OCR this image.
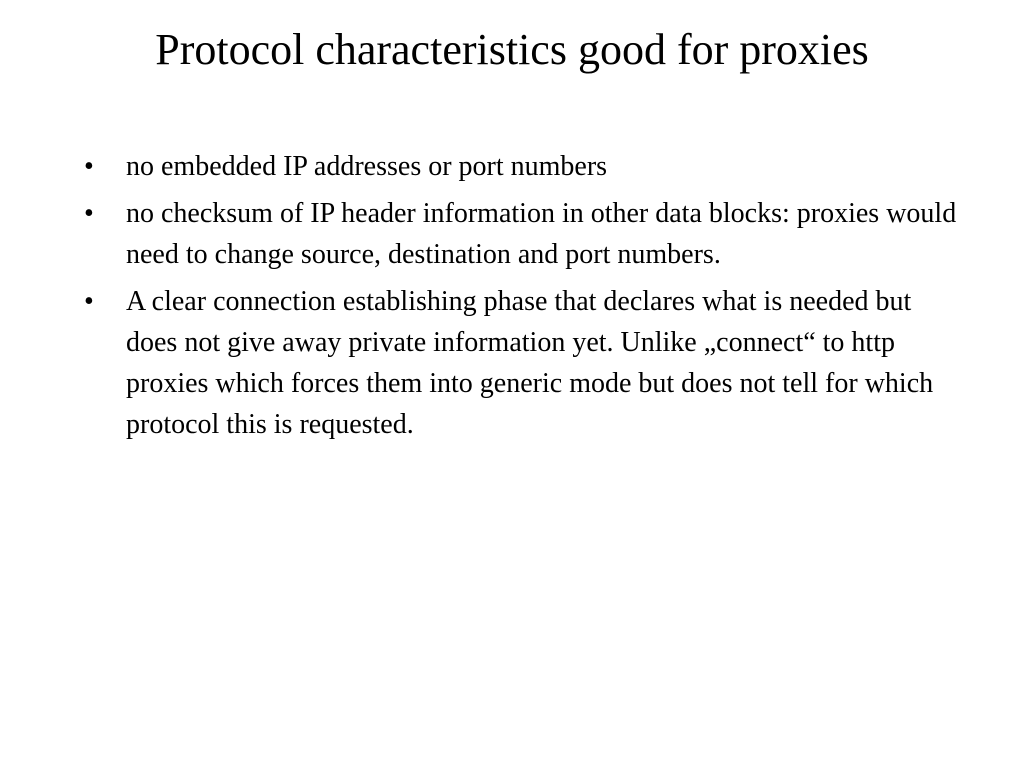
Protocol characteristics good for proxies
•	no embedded IP addresses or port numbers
•	no checksum of IP header information in other data blocks: proxies would need to change source, destination and port numbers.
•	A clear connection establishing phase that declares what is needed but does not give away private information yet. Unlike „connect“ to http proxies which forces them into generic mode but does not tell for which protocol this is requested.
